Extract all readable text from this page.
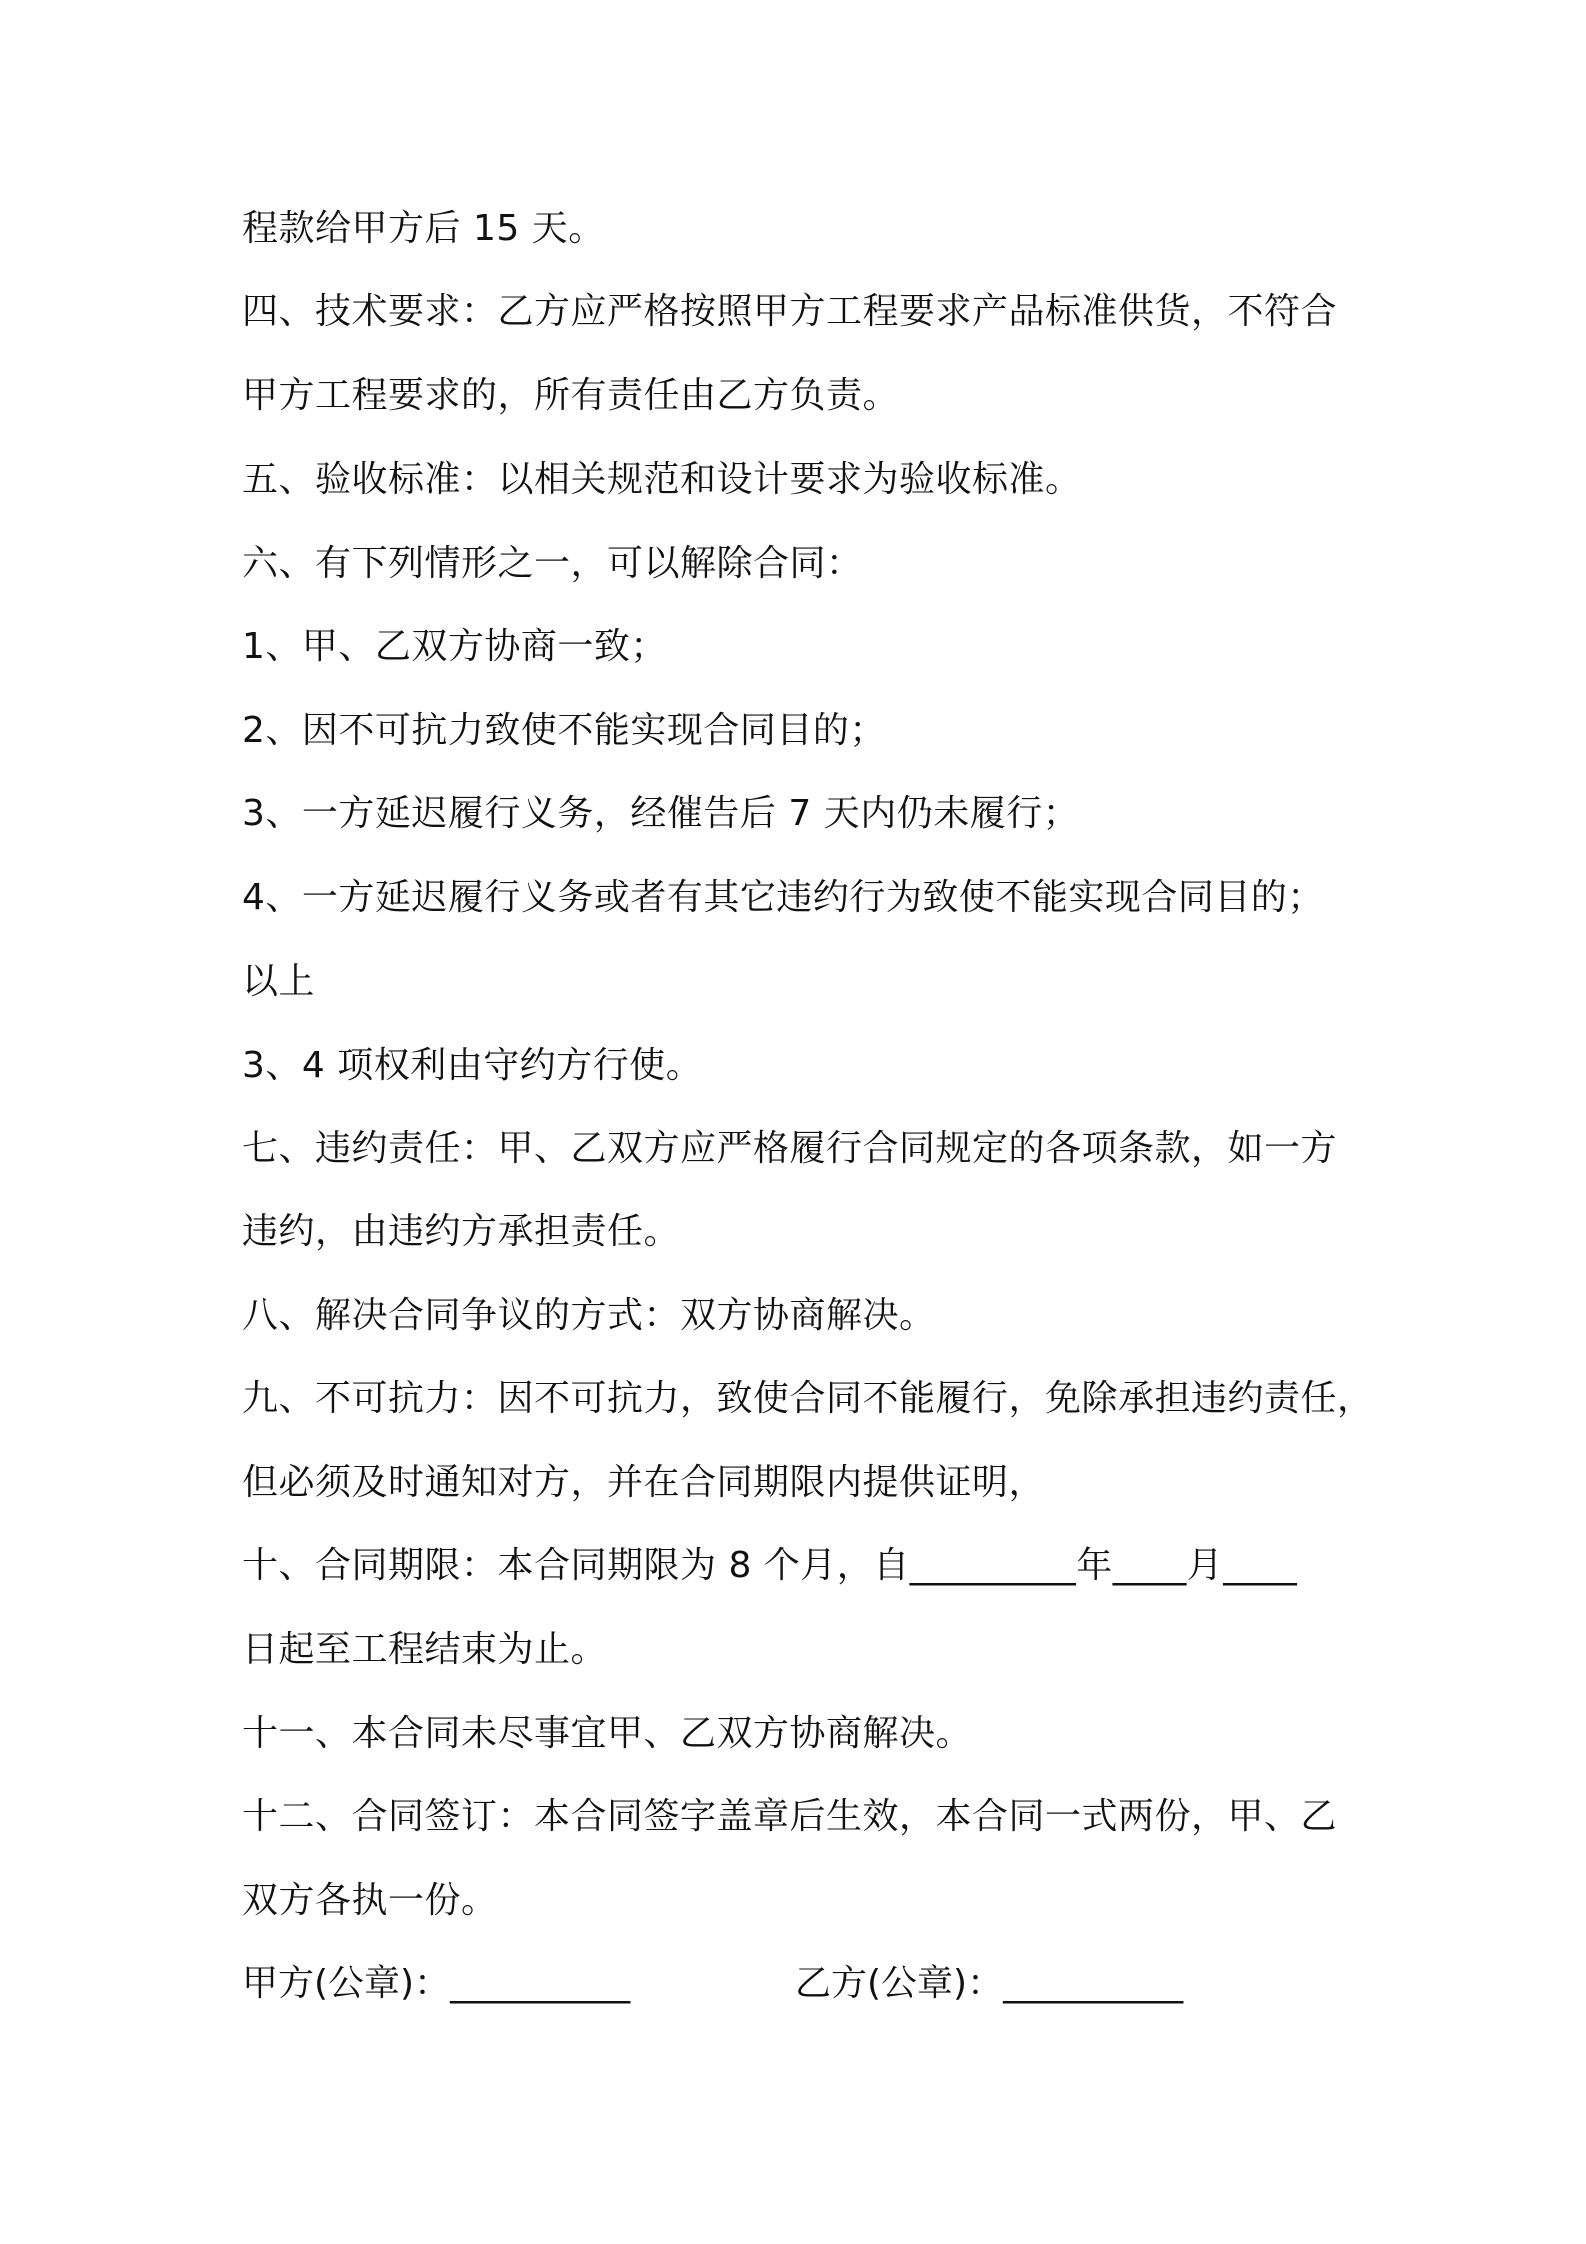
程款给甲方后 15 天。
四、技术要求：乙方应严格按照甲方工程要求产品标准供货，不符合
甲方工程要求的，所有责任由乙方负责。
五、验收标准：以相关规范和设计要求为验收标准。
六、有下列情形之一，可以解除合同：
1、甲、乙双方协商一致；
2、因不可抗力致使不能实现合同目的；
3、一方延迟履行义务，经催告后 7 天内仍未履行；
4、一方延迟履行义务或者有其它违约行为致使不能实现合同目的；
以上
3、4 项权利由守约方行使。
七、违约责任：甲、乙双方应严格履行合同规定的各项条款，如一方
违约，由违约方承担责任。
八、解决合同争议的方式：双方协商解决。
九、不可抗力：因不可抗力，致使合同不能履行，免除承担违约责任，
但必须及时通知对方，并在合同期限内提供证明，
十、合同期限：本合同期限为 8 个月，自_________年____月____
日起至工程结束为止。
十一、本合同未尽事宜甲、乙双方协商解决。
十二、合同签订：本合同签字盖章后生效，本合同一式两份，甲、乙
双方各执一份。
甲方(公章)：__________	乙方(公章)：__________
